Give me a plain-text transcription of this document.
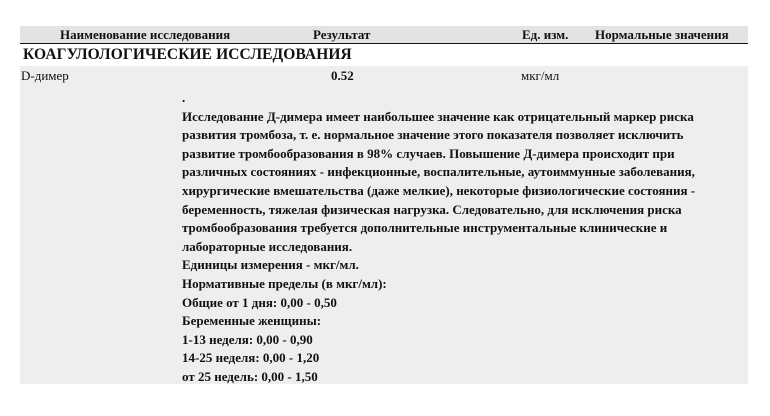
Наименование исследования	Результат	Ед. изм. Нормальные значения
КОАГУЛОЛОГИЧЕСКИЕ ИССЛЕДОВАНИЯ
D-димер	0.52	мкг/мл
.
Исследование Д-димера имеет наибольшее значение как отрицательный маркер риска
развития тромбоза, т. е. нормальное значение этого показателя позволяет исключить
развитие тромбообразования в 98% случаев. Повышение Д-димера происходит при
различных состояниях - инфекционные, воспалительные, аутоиммунные заболевания,
хирургические вмешательства (даже мелкие), некоторые физиологические состояния -
беременность, тяжелая физическая нагрузка. Следовательно, для исключения риска
тромбообразования требуется дополнительные инструментальные клинические и
лабораторные исследования.
Единицы измерения - мкг/мл.
Нормативные пределы (в мкг/мл):
Общие от 1 дня: 0,00 - 0,50
Беременные женщины:
1-13 неделя: 0,00 - 0,90
14-25 неделя: 0,00 - 1,20
от 25 недель: 0,00 - 1,50
